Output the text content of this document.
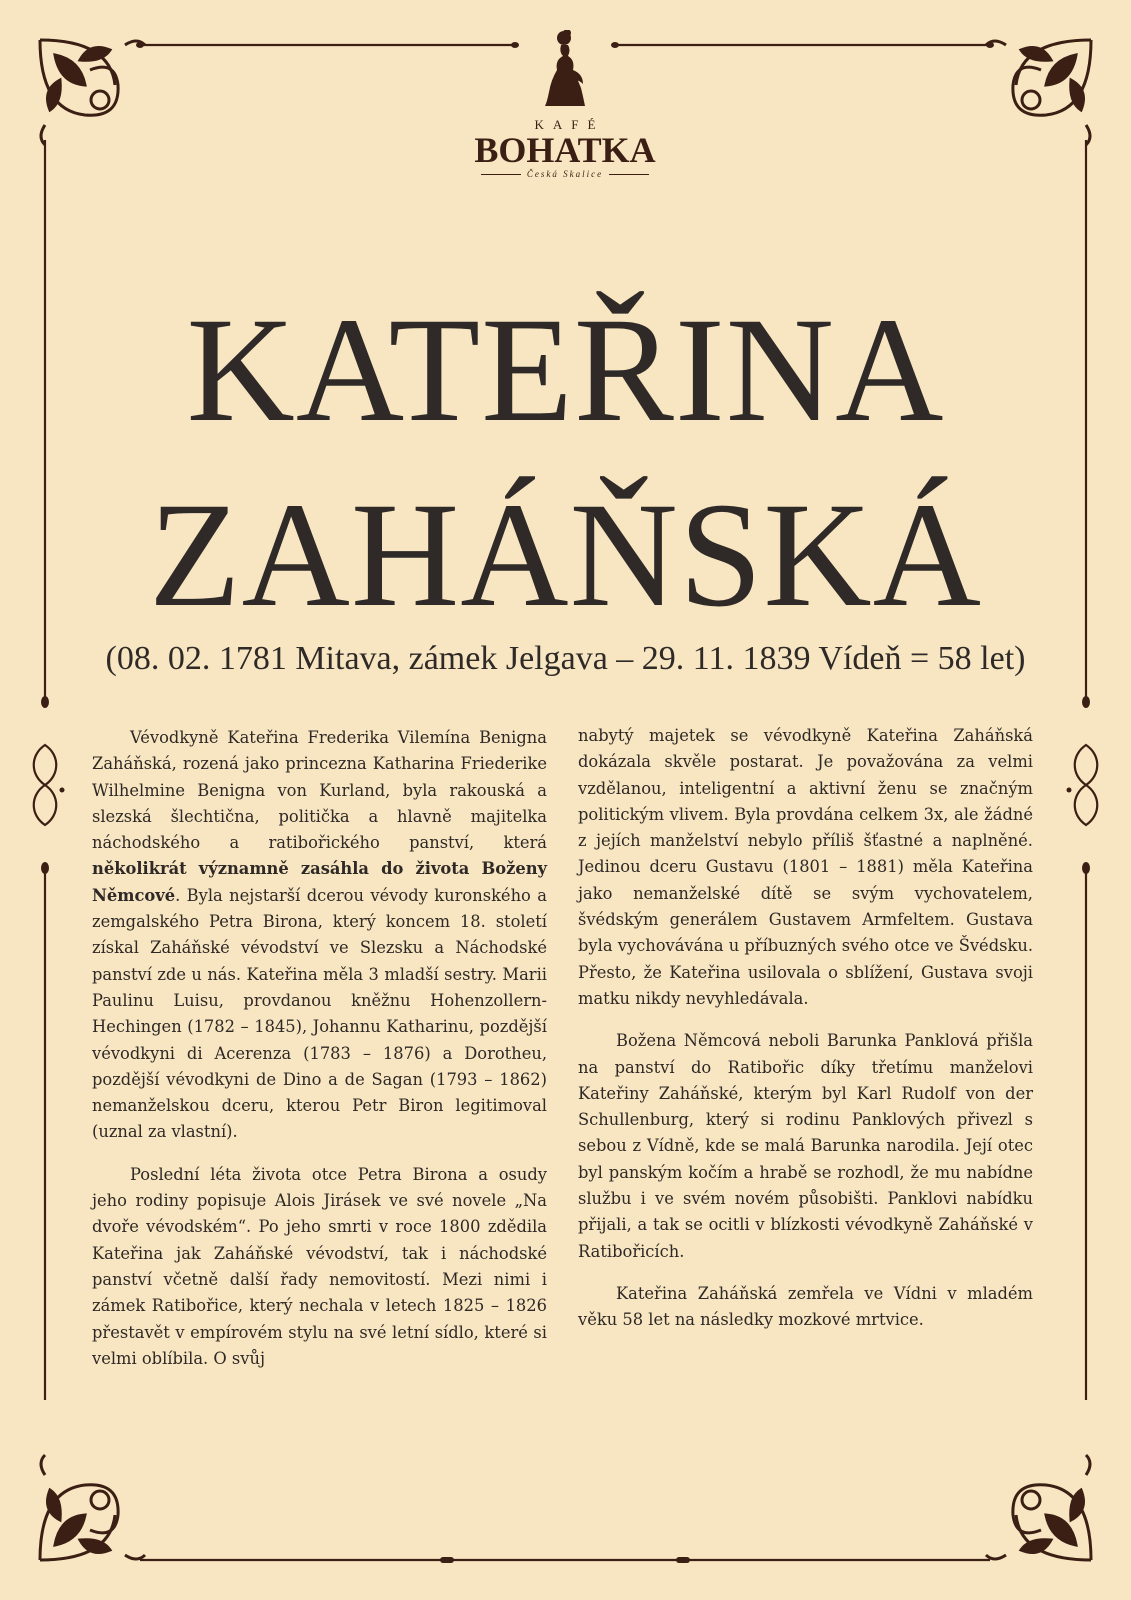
KAFÉ
BOHATKA
Česká Skalice
KATEŘINA
ZAHÁŇSKÁ
(08. 02. 1781 Mitava, zámek Jelgava – 29. 11. 1839 Vídeň = 58 let)

Vévodkyně Kateřina Frederika Vilemína Benigna Zaháňská, rozená jako princezna Katharina Friederike Wilhelmine Benigna von Kurland, byla rakouská a slezská šlechtična, politička a hlavně majitelka náchodského a ratibořického panství, která několikrát významně zasáhla do života Boženy Němcové. Byla nejstarší dcerou vévody kuronského a zemgalského Petra Birona, který koncem 18. století získal Zaháňské vévodství ve Slezsku a Náchodské panství zde u nás. Kateřina měla 3 mladší sestry. Marii Paulinu Luisu, provdanou kněžnu Hohenzollern-Hechingen (1782 – 1845), Johannu Katharinu, pozdější vévodkyni di Acerenza (1783 – 1876) a Dorotheu, pozdější vévodkyni de Dino a de Sagan (1793 – 1862) nemanželskou dceru, kterou Petr Biron legitimoval (uznal za vlastní).

Poslední léta života otce Petra Birona a osudy jeho rodiny popisuje Alois Jirásek ve své novele „Na dvoře vévodském“. Po jeho smrti v roce 1800 zdědila Kateřina jak Zaháňské vévodství, tak i náchodské panství včetně další řady nemovitostí. Mezi nimi i zámek Ratibořice, který nechala v letech 1825 – 1826 přestavět v empírovém stylu na své letní sídlo, které si velmi oblíbila. O svůj

nabytý majetek se vévodkyně Kateřina Zaháňská dokázala skvěle postarat. Je považována za velmi vzdělanou, inteligentní a aktivní ženu se značným politickým vlivem. Byla provdána celkem 3x, ale žádné z jejích manželství nebylo příliš šťastné a naplněné. Jedinou dceru Gustavu (1801 – 1881) měla Kateřina jako nemanželské dítě se svým vychovatelem, švédským generálem Gustavem Armfeltem. Gustava byla vychovávána u příbuzných svého otce ve Švédsku. Přesto, že Kateřina usilovala o sblížení, Gustava svoji matku nikdy nevyhledávala.

Božena Němcová neboli Barunka Panklová přišla na panství do Ratibořic díky třetímu manželovi Kateřiny Zaháňské, kterým byl Karl Rudolf von der Schullenburg, který si rodinu Panklových přivezl s sebou z Vídně, kde se malá Barunka narodila. Její otec byl panským kočím a hrabě se rozhodl, že mu nabídne službu i ve svém novém působišti. Panklovi nabídku přijali, a tak se ocitli v blízkosti vévodkyně Zaháňské v Ratibořicích.

Kateřina Zaháňská zemřela ve Vídni v mladém věku 58 let na následky mozkové mrtvice.
